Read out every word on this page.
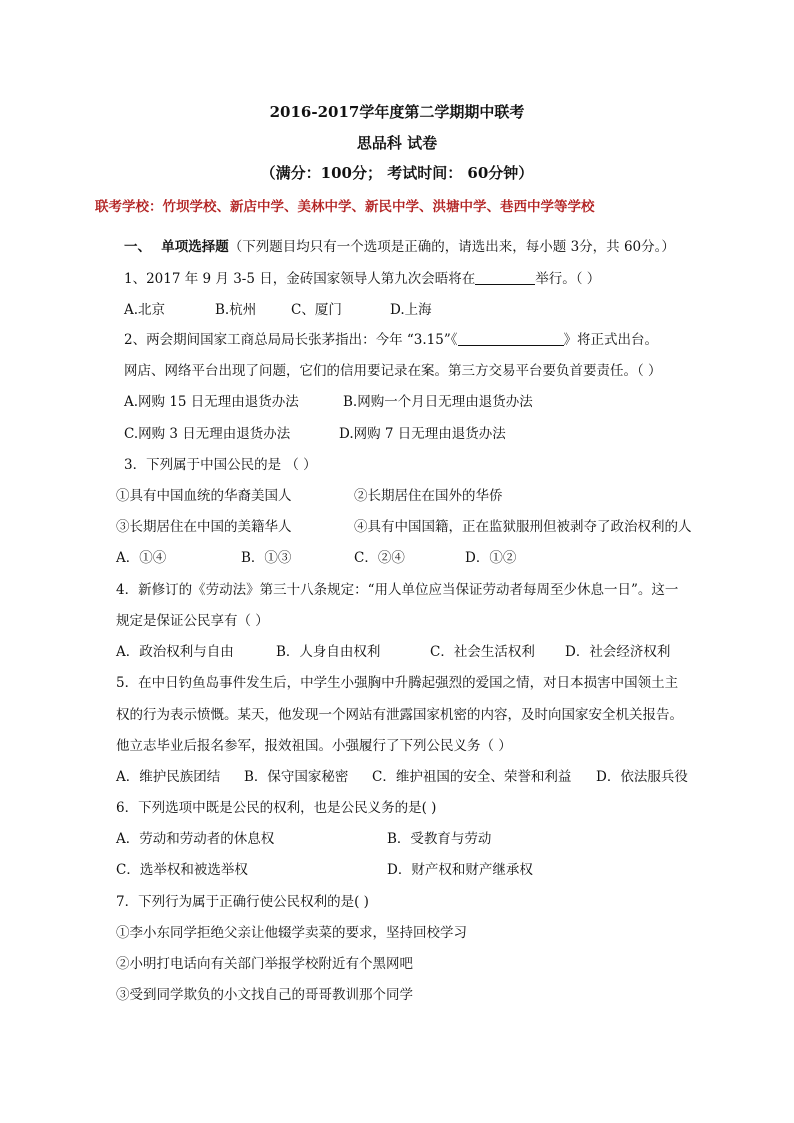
2016-2017学年度第二学期期中联考
思品科 试卷
（满分：100分； 考试时间： 60分钟）
联考学校：竹坝学校、新店中学、美林中学、新民中学、洪塘中学、巷西中学等学校
一、 单项选择题（下列题目均只有一个选项是正确的，请选出来，每小题 3分，共 60分。）
1、2017 年 9 月 3-5 日，金砖国家领导人第九次会晤将在	举行。（ ）
A.北京	B.杭州	C、厦门	D.上海
2、两会期间国家工商总局局长张茅指出：今年 “3.15”《	》将正式出台。
网店、网络平台出现了问题，它们的信用要记录在案。第三方交易平台要负首要责任。（ ）
A.网购 15 日无理由退货办法	B.网购一个月日无理由退货办法
C.网购 3 日无理由退货办法	D.网购 7 日无理由退货办法
3．下列属于中国公民的是 （ ）
①具有中国血统的华裔美国人	②长期居住在国外的华侨
③长期居住在中国的美籍华人	④具有中国国籍，正在监狱服刑但被剥夺了政治权利的人
A．①④	B．①③	C．②④	D．①②
4．新修订的《劳动法》第三十八条规定：“用人单位应当保证劳动者每周至少休息一日”。这一
规定是保证公民享有（ ）
A．政治权利与自由	B．人身自由权利	C．社会生活权利 D．社会经济权利
5．在中日钓鱼岛事件发生后，中学生小强胸中升腾起强烈的爱国之情，对日本损害中国领土主
权的行为表示愤慨。某天，他发现一个网站有泄露国家机密的内容，及时向国家安全机关报告。
他立志毕业后报名参军，报效祖国。小强履行了下列公民义务（ ）
A．维护民族团结 B．保守国家秘密 C．维护祖国的安全、荣誉和利益 D．依法服兵役
6．下列选项中既是公民的权利，也是公民义务的是( )
A．劳动和劳动者的休息权	B．受教育与劳动
C．选举权和被选举权	D．财产权和财产继承权
7．下列行为属于正确行使公民权利的是( )
①李小东同学拒绝父亲让他辍学卖菜的要求，坚持回校学习
②小明打电话向有关部门举报学校附近有个黑网吧
③受到同学欺负的小文找自己的哥哥教训那个同学
